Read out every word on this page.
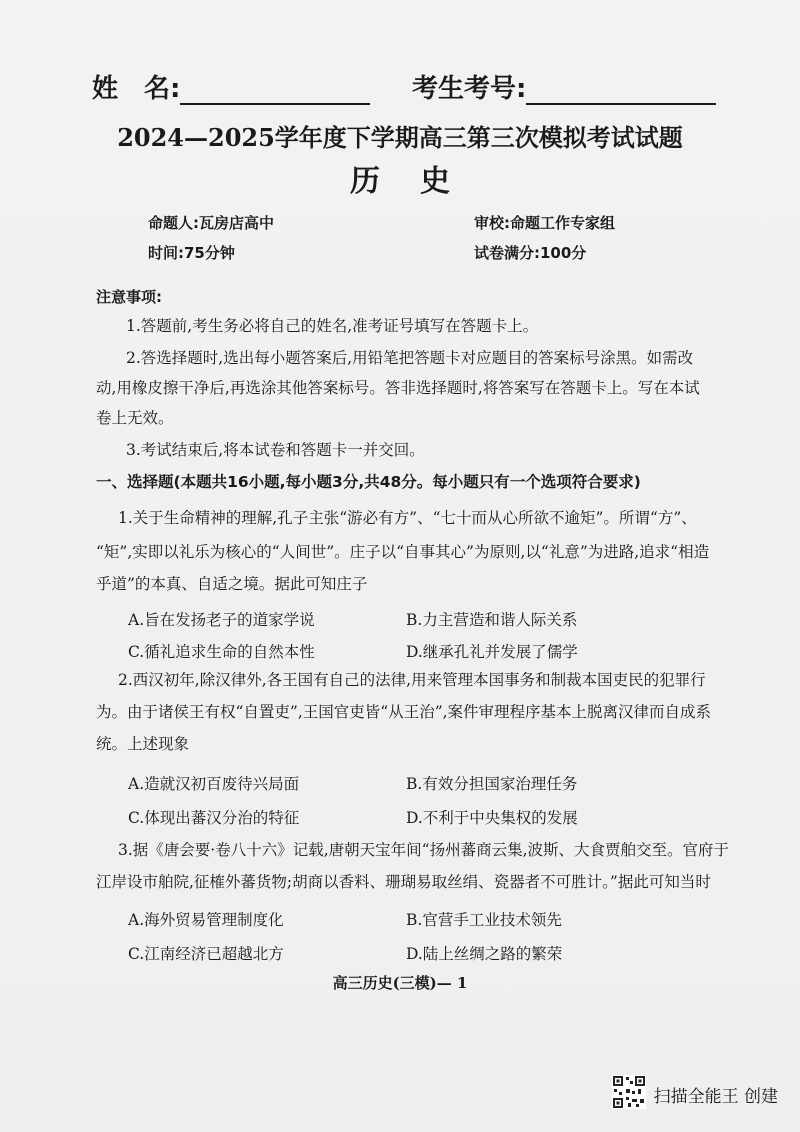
姓　名:	考生考号:
2024—2025学年度下学期高三第三次模拟考试试题
历史
命题人:瓦房店高中	审校:命题工作专家组
时间:75分钟	试卷满分:100分
注意事项:
1.答题前,考生务必将自己的姓名,准考证号填写在答题卡上。
2.答选择题时,选出每小题答案后,用铅笔把答题卡对应题目的答案标号涂黑。如需改
动,用橡皮擦干净后,再选涂其他答案标号。答非选择题时,将答案写在答题卡上。写在本试
卷上无效。
3.考试结束后,将本试卷和答题卡一并交回。
一、选择题(本题共16小题,每小题3分,共48分。每小题只有一个选项符合要求)
1.关于生命精神的理解,孔子主张“游必有方”、“七十而从心所欲不逾矩”。所谓“方”、
“矩”,实即以礼乐为核心的“人间世”。庄子以“自事其心”为原则,以“礼意”为进路,追求“相造
乎道”的本真、自适之境。据此可知庄子
A.旨在发扬老子的道家学说	B.力主营造和谐人际关系
C.循礼追求生命的自然本性	D.继承孔礼并发展了儒学
2.西汉初年,除汉律外,各王国有自己的法律,用来管理本国事务和制裁本国吏民的犯罪行
为。由于诸侯王有权“自置吏”,王国官吏皆“从王治”,案件审理程序基本上脱离汉律而自成系
统。上述现象
A.造就汉初百废待兴局面	B.有效分担国家治理任务
C.体现出蕃汉分治的特征	D.不利于中央集权的发展
3.据《唐会要·卷八十六》记载,唐朝天宝年间“扬州蕃商云集,波斯、大食贾舶交至。官府于
江岸设市舶院,征榷外蕃货物;胡商以香料、珊瑚易取丝绢、瓷器者不可胜计。”据此可知当时
A.海外贸易管理制度化	B.官营手工业技术领先
C.江南经济已超越北方	D.陆上丝绸之路的繁荣
高三历史(三模)— 1
扫描全能王 创建
